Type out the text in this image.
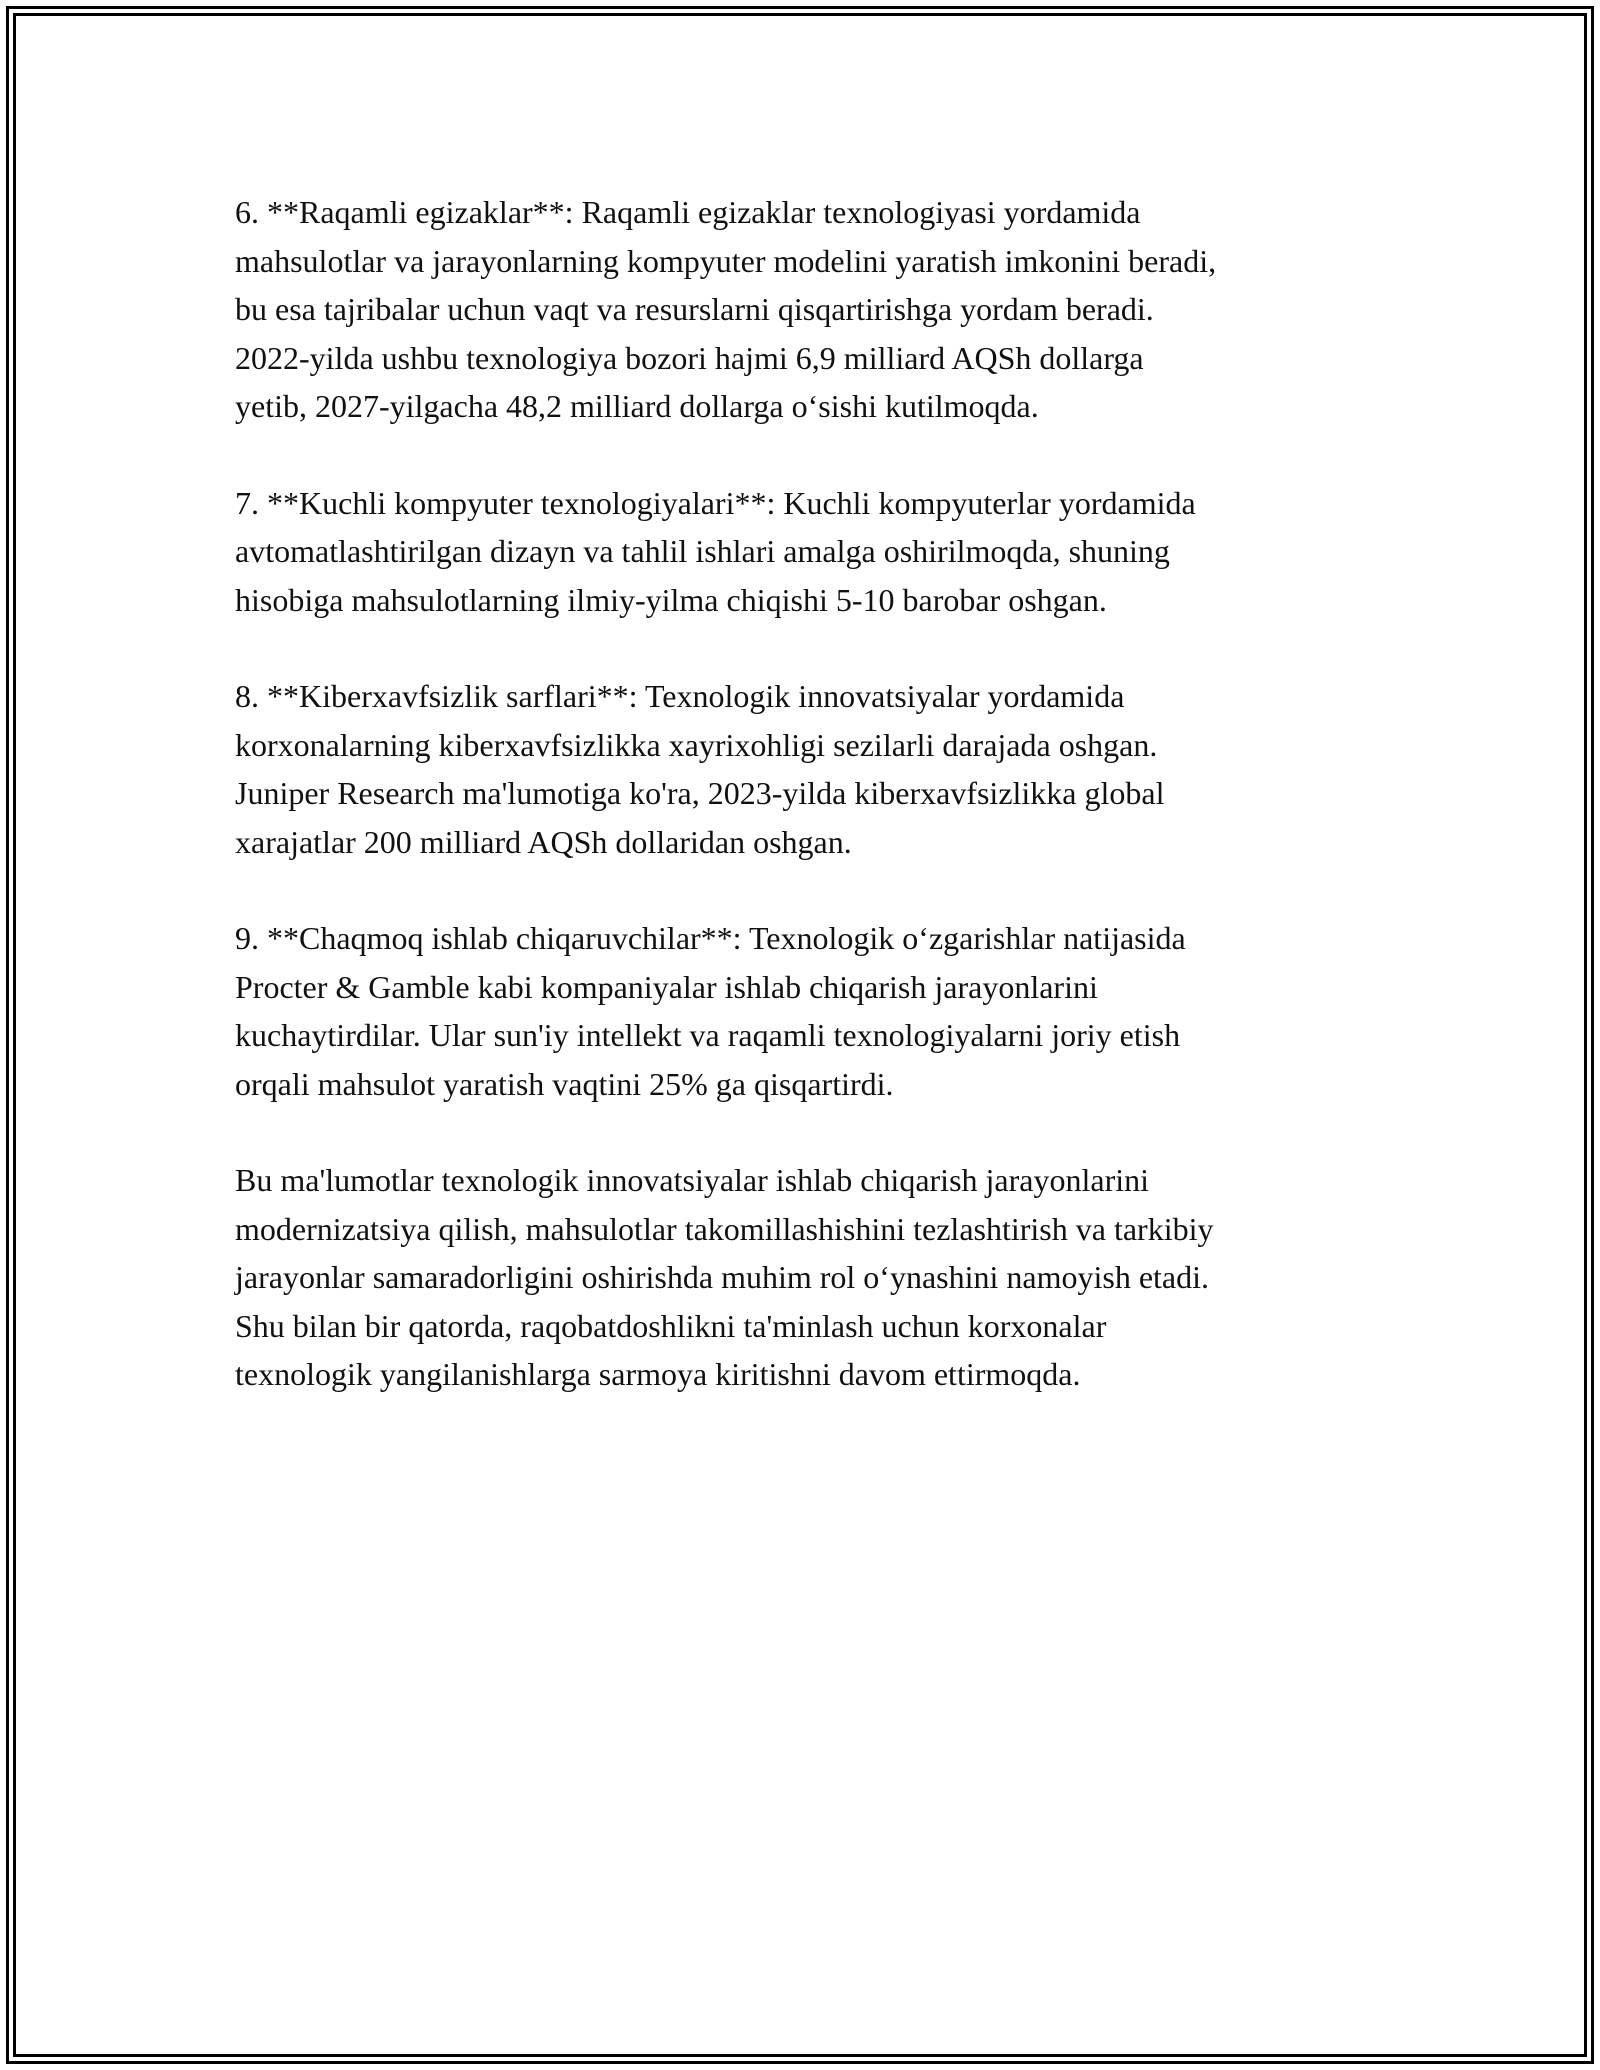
6. **Raqamli egizaklar**: Raqamli egizaklar texnologiyasi yordamida
mahsulotlar va jarayonlarning kompyuter modelini yaratish imkonini beradi,
bu esa tajribalar uchun vaqt va resurslarni qisqartirishga yordam beradi.
2022-yilda ushbu texnologiya bozori hajmi 6,9 milliard AQSh dollarga
yetib, 2027-yilgacha 48,2 milliard dollarga o‘sishi kutilmoqda.

7. **Kuchli kompyuter texnologiyalari**: Kuchli kompyuterlar yordamida
avtomatlashtirilgan dizayn va tahlil ishlari amalga oshirilmoqda, shuning
hisobiga mahsulotlarning ilmiy-yilma chiqishi 5-10 barobar oshgan.

8. **Kiberxavfsizlik sarflari**: Texnologik innovatsiyalar yordamida
korxonalarning kiberxavfsizlikka xayrixohligi sezilarli darajada oshgan.
Juniper Research ma'lumotiga ko'ra, 2023-yilda kiberxavfsizlikka global
xarajatlar 200 milliard AQSh dollaridan oshgan.

9. **Chaqmoq ishlab chiqaruvchilar**: Texnologik o‘zgarishlar natijasida
Procter & Gamble kabi kompaniyalar ishlab chiqarish jarayonlarini
kuchaytirdilar. Ular sun'iy intellekt va raqamli texnologiyalarni joriy etish
orqali mahsulot yaratish vaqtini 25% ga qisqartirdi.

Bu ma'lumotlar texnologik innovatsiyalar ishlab chiqarish jarayonlarini
modernizatsiya qilish, mahsulotlar takomillashishini tezlashtirish va tarkibiy
jarayonlar samaradorligini oshirishda muhim rol o‘ynashini namoyish etadi.
Shu bilan bir qatorda, raqobatdoshlikni ta'minlash uchun korxonalar
texnologik yangilanishlarga sarmoya kiritishni davom ettirmoqda.
